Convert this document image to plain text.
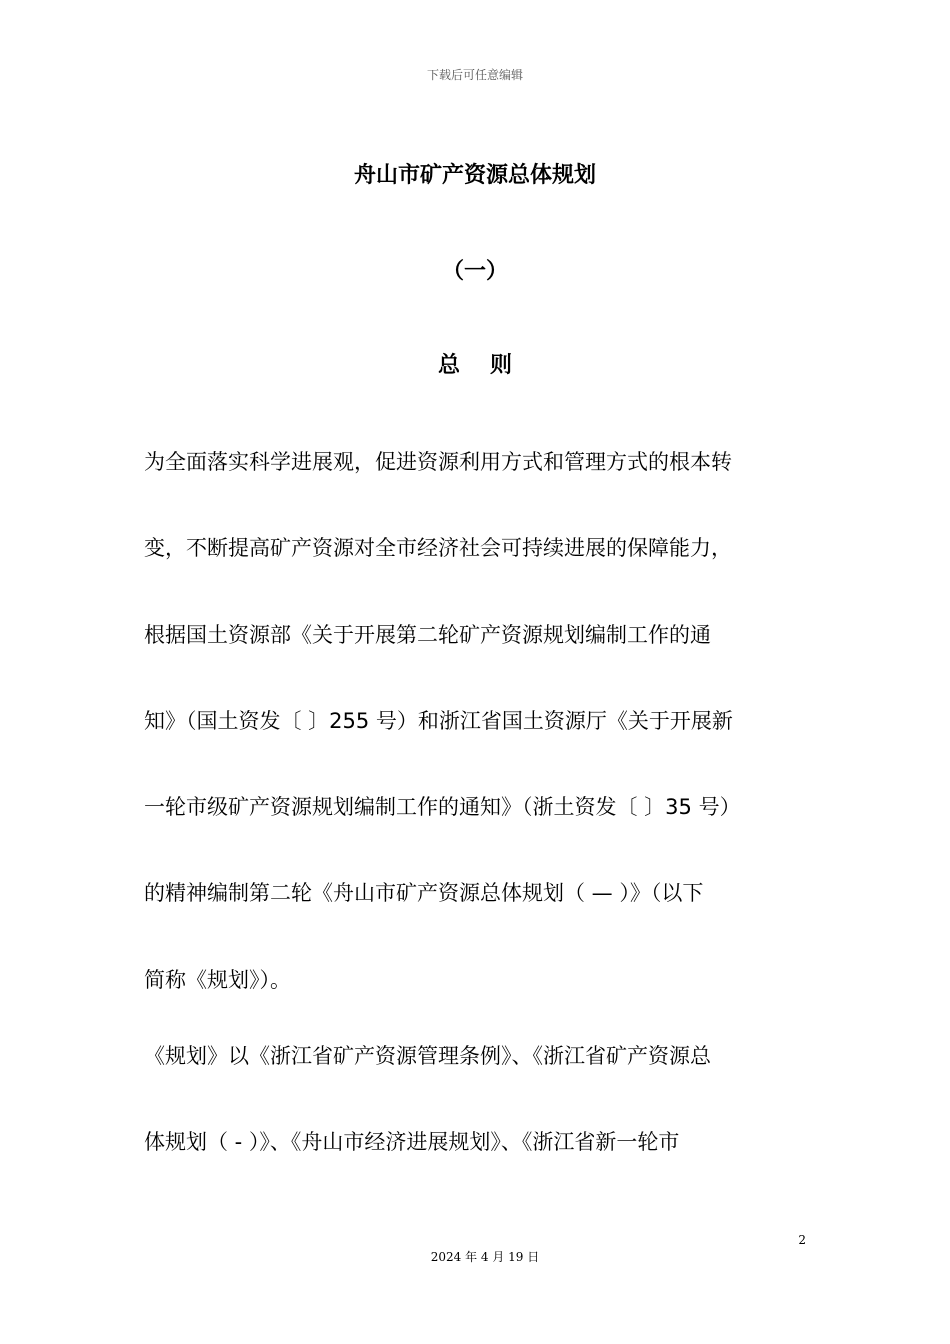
下载后可任意编辑
舟山市矿产资源总体规划
（一）
总 则
为全面落实科学进展观，促进资源利用方式和管理方式的根本转
变，不断提高矿产资源对全市经济社会可持续进展的保障能力，
根据国土资源部《关于开展第二轮矿产资源规划编制工作的通
知》（国土资发〔 〕255 号）和浙江省国土资源厅《关于开展新
一轮市级矿产资源规划编制工作的通知》（浙土资发〔 〕35 号）
的精神编制第二轮《舟山市矿产资源总体规划（ — ）》（以下
简称《规划》）。
《规划》以《浙江省矿产资源管理条例》、《浙江省矿产资源总
体规划（ - ）》、《舟山市经济进展规划》、《浙江省新一轮市
2
2024 年 4 月 19 日
